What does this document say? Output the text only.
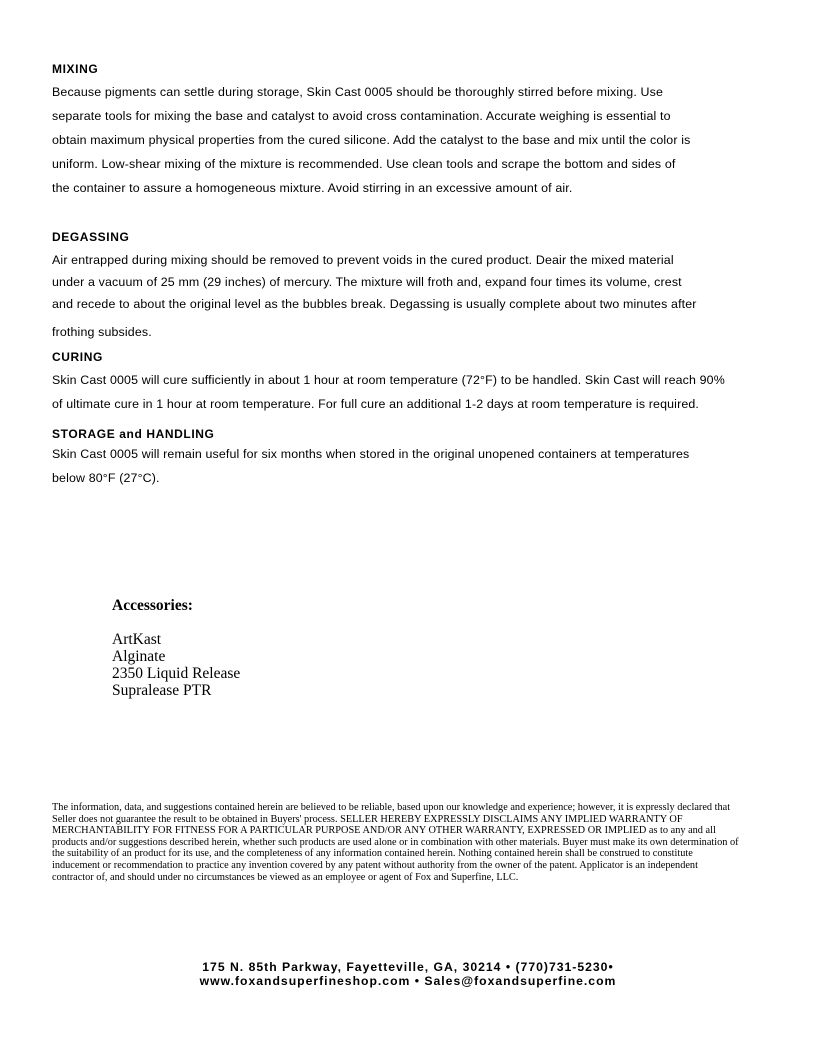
MIXING
Because pigments can settle during storage, Skin Cast 0005 should be thoroughly stirred before mixing. Use
separate tools for mixing the base and catalyst to avoid cross contamination. Accurate weighing is essential to
obtain maximum physical properties from the cured silicone. Add the catalyst to the base and mix until the color is
uniform. Low-shear mixing of the mixture is recommended. Use clean tools and scrape the bottom and sides of
the container to assure a homogeneous mixture. Avoid stirring in an excessive amount of air.
DEGASSING
Air entrapped during mixing should be removed to prevent voids in the cured product. Deair the mixed material
under a vacuum of 25 mm (29 inches) of mercury. The mixture will froth and, expand four times its volume, crest
and recede to about the original level as the bubbles break. Degassing is usually complete about two minutes after
frothing subsides.
CURING
Skin Cast 0005 will cure sufficiently in about 1 hour at room temperature (72°F) to be handled. Skin Cast will reach 90%
of ultimate cure in 1 hour at room temperature. For full cure an additional 1-2 days at room temperature is required.
STORAGE and HANDLING
Skin Cast 0005 will remain useful for six months when stored in the original unopened containers at temperatures
below 80°F (27°C).
Accessories:
ArtKast
Alginate
2350 Liquid Release
Supralease PTR
The information, data, and suggestions contained herein are believed to be reliable, based upon our knowledge and experience; however, it is expressly declared that
Seller does not guarantee the result to be obtained in Buyers' process. SELLER HEREBY EXPRESSLY DISCLAIMS ANY IMPLIED WARRANTY OF
MERCHANTABILITY FOR FITNESS FOR A PARTICULAR PURPOSE AND/OR ANY OTHER WARRANTY, EXPRESSED OR IMPLIED as to any and all
products and/or suggestions described herein, whether such products are used alone or in combination with other materials. Buyer must make its own determination of
the suitability of an product for its use, and the completeness of any information contained herein. Nothing contained herein shall be construed to constitute
inducement or recommendation to practice any invention covered by any patent without authority from the owner of the patent. Applicator is an independent
contractor of, and should under no circumstances be viewed as an employee or agent of Fox and Superfine, LLC.
175 N. 85th Parkway, Fayetteville, GA, 30214 • (770)731-5230•
www.foxandsuperfineshop.com • Sales@foxandsuperfine.com
